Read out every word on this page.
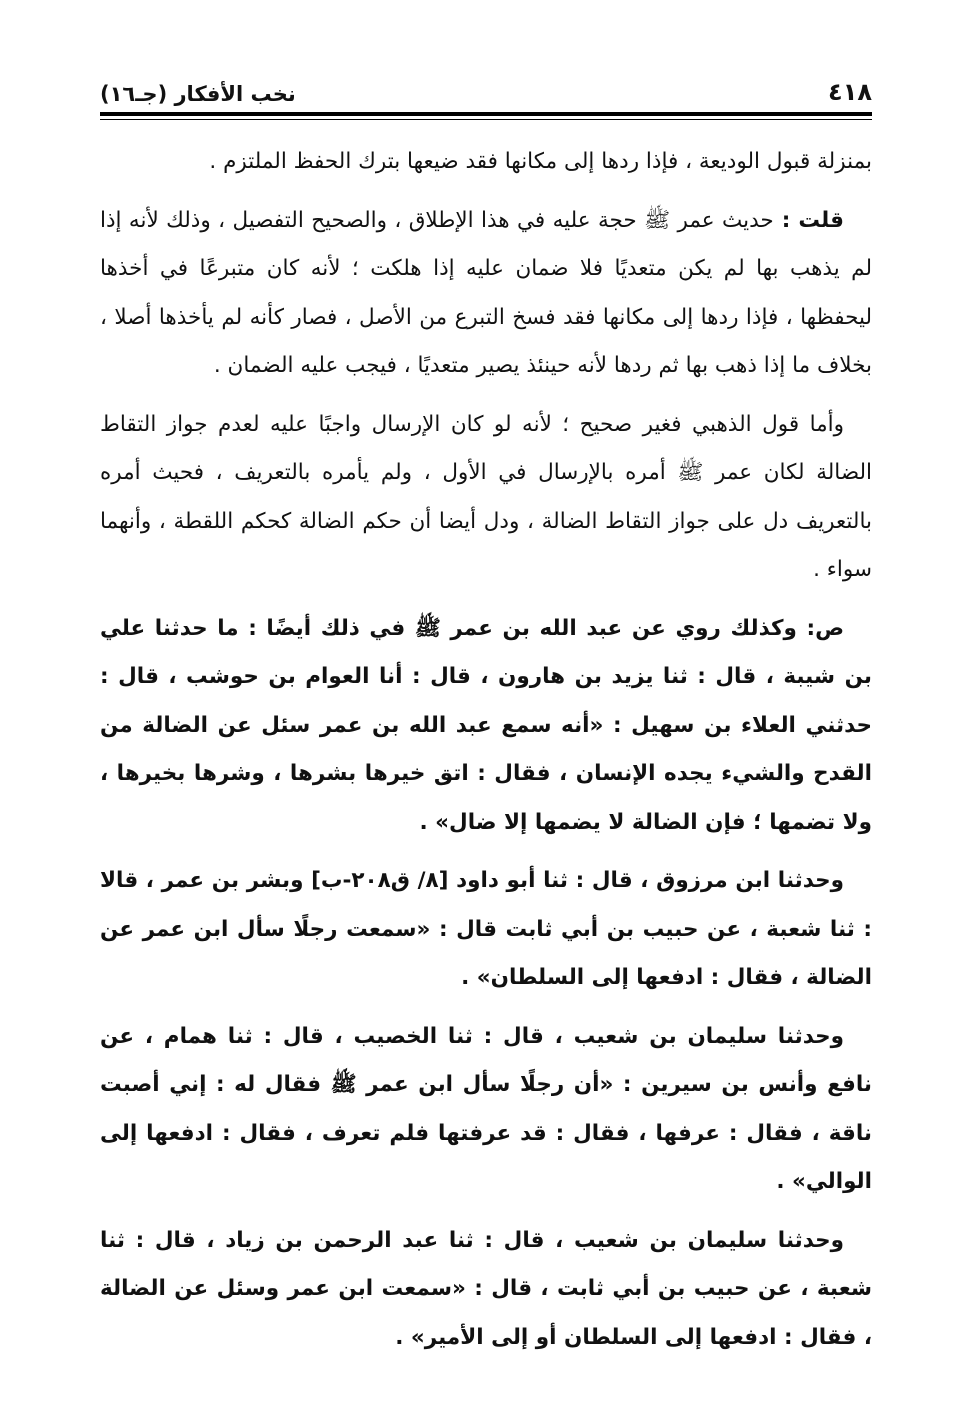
٤١٨
نخب الأفكار (جـ١٦)

بمنزلة قبول الوديعة ، فإذا ردها إلى مكانها فقد ضيعها بترك الحفظ الملتزم .

قلت : حديث عمر ﷺ حجة عليه في هذا الإطلاق ، والصحيح التفصيل ، وذلك لأنه إذا لم يذهب بها لم يكن متعديًا فلا ضمان عليه إذا هلكت ؛ لأنه كان متبرعًا في أخذها ليحفظها ، فإذا ردها إلى مكانها فقد فسخ التبرع من الأصل ، فصار كأنه لم يأخذها أصلا ، بخلاف ما إذا ذهب بها ثم ردها لأنه حينئذ يصير متعديًا ، فيجب عليه الضمان .

وأما قول الذهبي فغير صحيح ؛ لأنه لو كان الإرسال واجبًا عليه لعدم جواز التقاط الضالة لكان عمر ﷺ أمره بالإرسال في الأول ، ولم يأمره بالتعريف ، فحيث أمره بالتعريف دل على جواز التقاط الضالة ، ودل أيضا أن حكم الضالة كحكم اللقطة ، وأنهما سواء .

ص: وكذلك روي عن عبد الله بن عمر ﷺ في ذلك أيضًا : ما حدثنا علي بن شيبة ، قال : ثنا يزيد بن هارون ، قال : أنا العوام بن حوشب ، قال : حدثني العلاء بن سهيل : «أنه سمع عبد الله بن عمر سئل عن الضالة من القدح والشيء يجده الإنسان ، فقال : اتق خيرها بشرها ، وشرها بخيرها ، ولا تضمها ؛ فإن الضالة لا يضمها إلا ضال» .

وحدثنا ابن مرزوق ، قال : ثنا أبو داود [٨/ ق٢٠٨-ب] وبشر بن عمر ، قالا : ثنا شعبة ، عن حبيب بن أبي ثابت قال : «سمعت رجلًا سأل ابن عمر عن الضالة ، فقال : ادفعها إلى السلطان» .

وحدثنا سليمان بن شعيب ، قال : ثنا الخصيب ، قال : ثنا همام ، عن نافع وأنس بن سيرين : «أن رجلًا سأل ابن عمر ﷺ فقال له : إني أصبت ناقة ، فقال : عرفها ، فقال : قد عرفتها فلم تعرف ، فقال : ادفعها إلى الوالي» .

وحدثنا سليمان بن شعيب ، قال : ثنا عبد الرحمن بن زياد ، قال : ثنا شعبة ، عن حبيب بن أبي ثابت ، قال : «سمعت ابن عمر وسئل عن الضالة ، فقال : ادفعها إلى السلطان أو إلى الأمير» .
